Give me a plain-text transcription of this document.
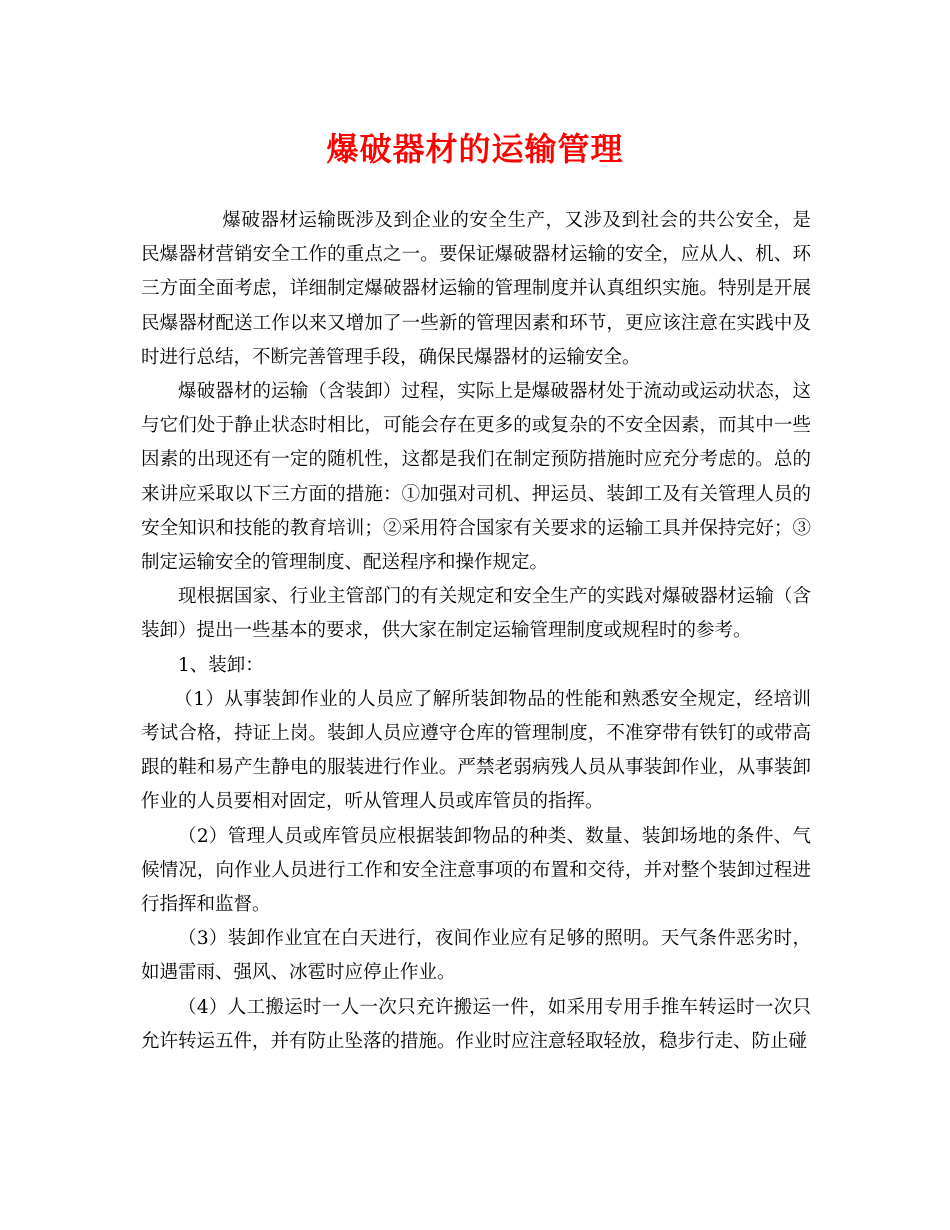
爆破器材的运输管理

爆破器材运输既涉及到企业的安全生产，又涉及到社会的共公安全，是民爆器材营销安全工作的重点之一。要保证爆破器材运输的安全，应从人、机、环三方面全面考虑，详细制定爆破器材运输的管理制度并认真组织实施。特别是开展民爆器材配送工作以来又增加了一些新的管理因素和环节，更应该注意在实践中及时进行总结，不断完善管理手段，确保民爆器材的运输安全。

爆破器材的运输（含装卸）过程，实际上是爆破器材处于流动或运动状态，这与它们处于静止状态时相比，可能会存在更多的或复杂的不安全因素，而其中一些因素的出现还有一定的随机性，这都是我们在制定预防措施时应充分考虑的。总的来讲应采取以下三方面的措施：①加强对司机、押运员、装卸工及有关管理人员的安全知识和技能的教育培训；②采用符合国家有关要求的运输工具并保持完好；③制定运输安全的管理制度、配送程序和操作规定。

现根据国家、行业主管部门的有关规定和安全生产的实践对爆破器材运输（含装卸）提出一些基本的要求，供大家在制定运输管理制度或规程时的参考。

1、装卸：

（1）从事装卸作业的人员应了解所装卸物品的性能和熟悉安全规定，经培训考试合格，持证上岗。装卸人员应遵守仓库的管理制度，不准穿带有铁钉的或带高跟的鞋和易产生静电的服装进行作业。严禁老弱病残人员从事装卸作业，从事装卸作业的人员要相对固定，听从管理人员或库管员的指挥。

（2）管理人员或库管员应根据装卸物品的种类、数量、装卸场地的条件、气候情况，向作业人员进行工作和安全注意事项的布置和交待，并对整个装卸过程进行指挥和监督。

（3）装卸作业宜在白天进行，夜间作业应有足够的照明。天气条件恶劣时，如遇雷雨、强风、冰雹时应停止作业。

（4）人工搬运时一人一次只充许搬运一件，如采用专用手推车转运时一次只允许转运五件，并有防止坠落的措施。作业时应注意轻取轻放，稳步行走、防止碰
